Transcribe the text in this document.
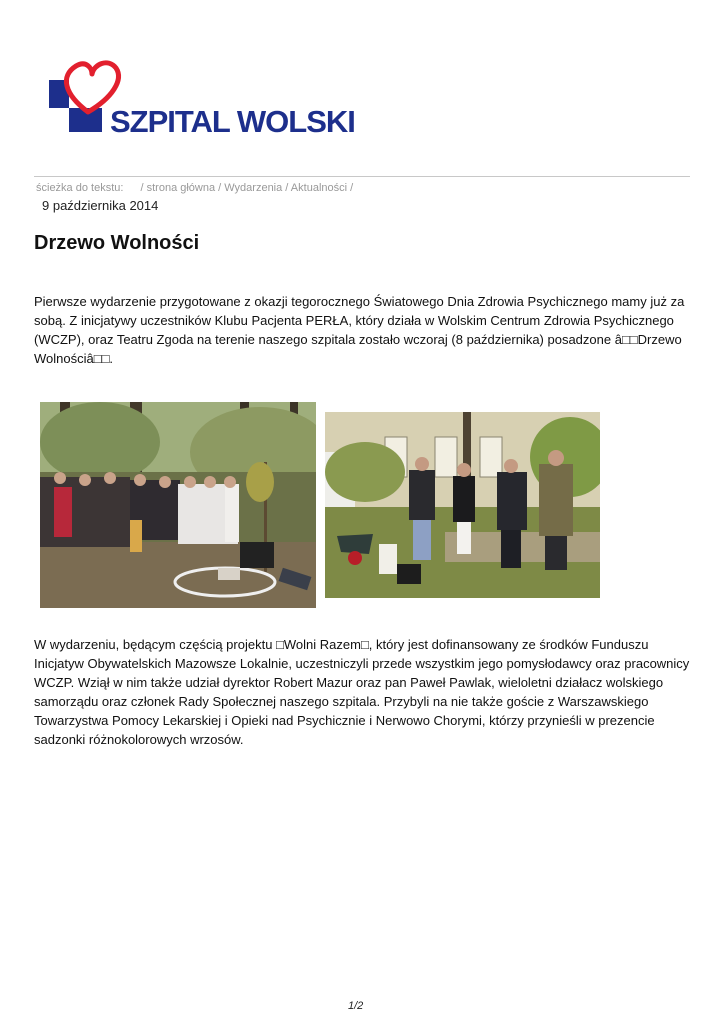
SZPITAL WOLSKI
ścieżka do tekstu: / strona główna / Wydarzenia / Aktualności /
9 października 2014
Drzewo Wolności

Pierwsze wydarzenie przygotowane z okazji tegorocznego Światowego Dnia Zdrowia Psychicznego mamy już za sobą. Z inicjatywy uczestników Klubu Pacjenta PERŁA, który działa w Wolskim Centrum Zdrowia Psychicznego (WCZP), oraz Teatru Zgoda na terenie naszego szpitala zostało wczoraj (8 października) posadzone â□□Drzewo Wolnościâ□□.

W wydarzeniu, będącym częścią projektu □Wolni Razem□, który jest dofinansowany ze środków Funduszu Inicjatyw Obywatelskich Mazowsze Lokalnie, uczestniczyli przede wszystkim jego pomysłodawcy oraz pracownicy WCZP. Wziął w nim także udział dyrektor Robert Mazur oraz pan Paweł Pawlak, wieloletni działacz wolskiego samorządu oraz członek Rady Społecznej naszego szpitala. Przybyli na nie także goście z Warszawskiego Towarzystwa Pomocy Lekarskiej i Opieki nad Psychicznie i Nerwowo Chorymi, którzy przynieśli w prezencie sadzonki różnokolorowych wrzosów.

1/2
